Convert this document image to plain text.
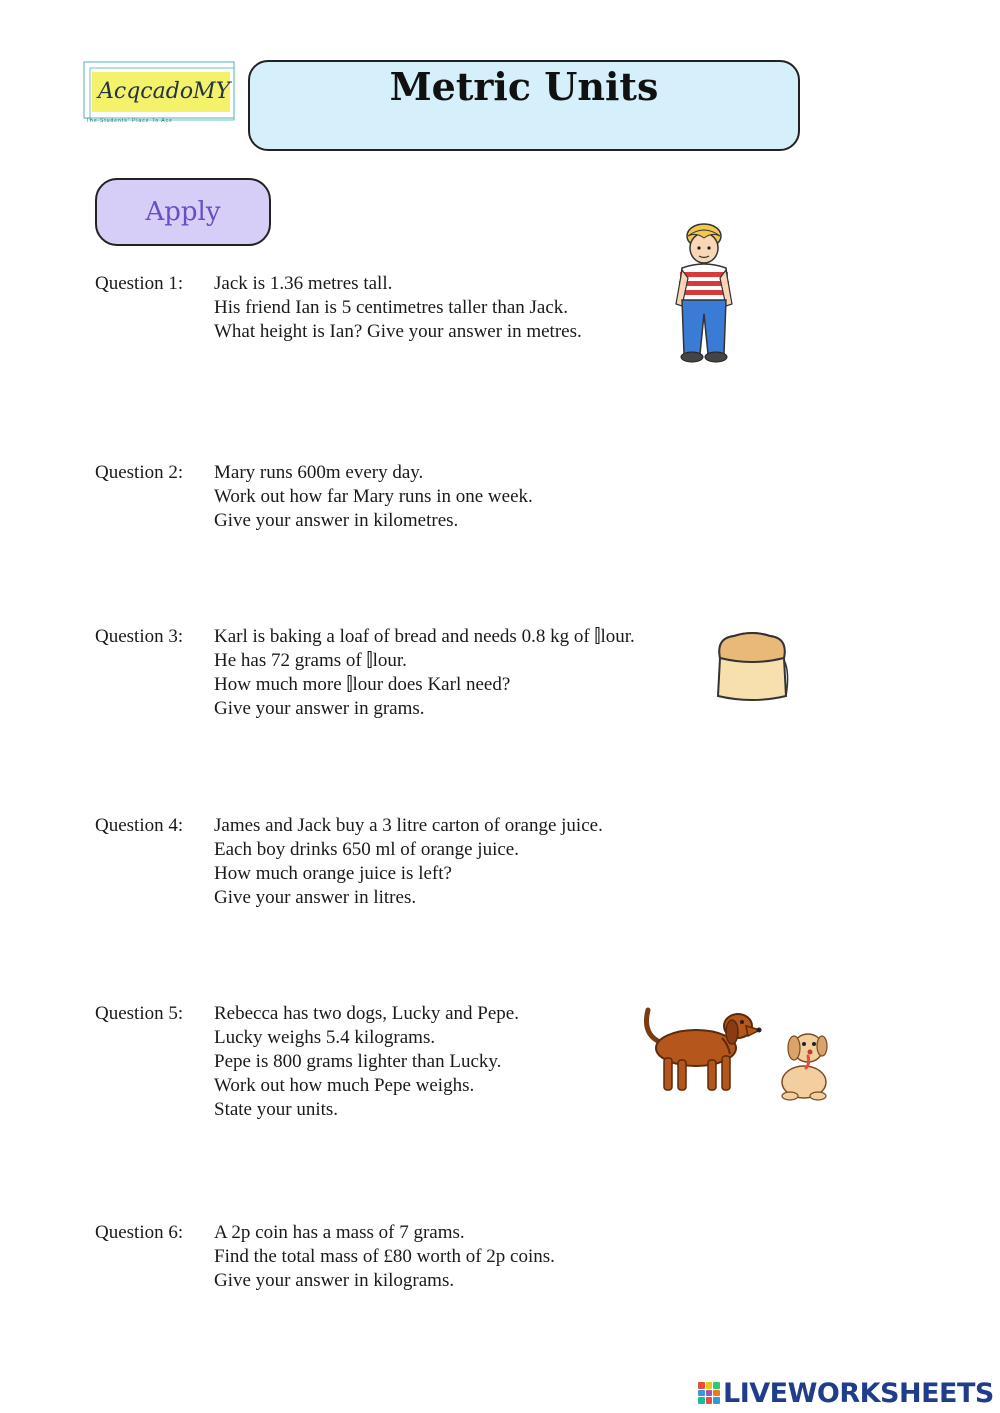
AcqcadoMY
The Students' Place To Ace
Metric Units
Apply
Question 1: Jack is 1.36 metres tall.
His friend Ian is 5 centimetres taller than Jack.
What height is Ian? Give your answer in metres.
Question 2: Mary runs 600m every day.
Work out how far Mary runs in one week.
Give your answer in kilometres.
Question 3: Karl is baking a loaf of bread and needs 0.8 kg of ⫿lour.
He has 72 grams of ⫿lour.
How much more ⫿lour does Karl need?
Give your answer in grams.
Question 4: James and Jack buy a 3 litre carton of orange juice.
Each boy drinks 650 ml of orange juice.
How much orange juice is left?
Give your answer in litres.
Question 5: Rebecca has two dogs, Lucky and Pepe.
Lucky weighs 5.4 kilograms.
Pepe is 800 grams lighter than Lucky.
Work out how much Pepe weighs.
State your units.
Question 6: A 2p coin has a mass of 7 grams.
Find the total mass of £80 worth of 2p coins.
Give your answer in kilograms.
LIVEWORKSHEETS
